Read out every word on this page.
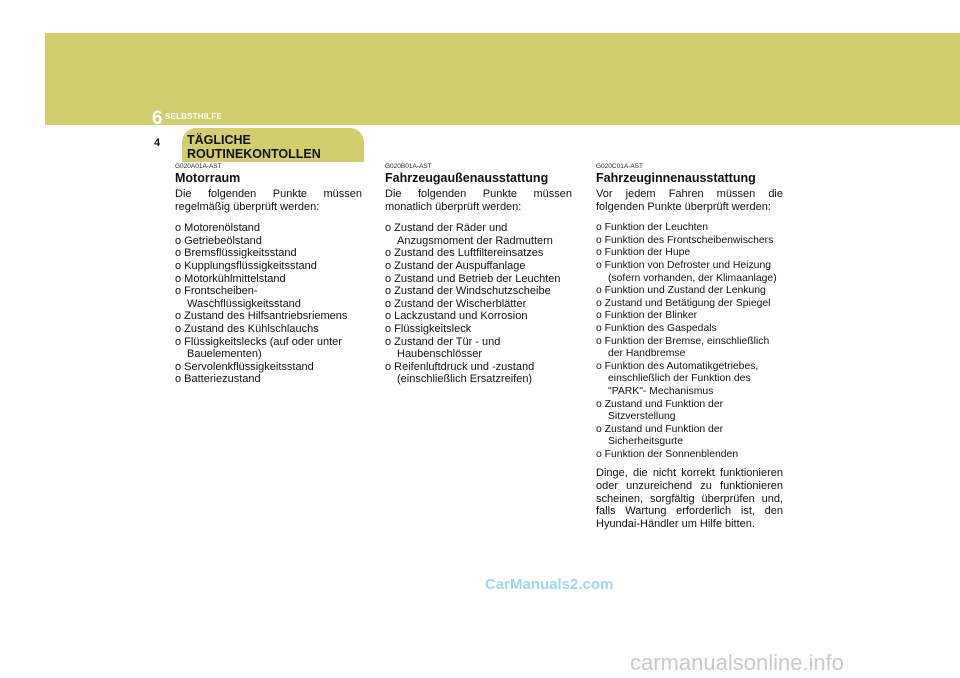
6 SELBSTHILFE
4 TÄGLICHE
ROUTINEKONTOLLEN
G020A01A-AST
Motorraum

Die folgenden Punkte müssen regelmäßig überprüft werden:

o Motorenölstand
o Getriebeölstand
o Bremsflüssigkeitsstand
o Kupplungsflüssigkeitsstand
o Motorkühlmittelstand
o Frontscheiben- Waschflüssigkeitsstand
o Zustand des Hilfsantriebsriemens
o Zustand des Kühlschlauchs
o Flüssigkeitslecks (auf oder unter Bauelementen)
o Servolenkflüssigkeitsstand
o Batteriezustand
G020B01A-AST
Fahrzeugaußenausstattung

Die folgenden Punkte müssen monatlich überprüft werden:

o Zustand der Räder und Anzugsmoment der Radmuttern
o Zustand des Luftfiltereinsatzes
o Zustand der Auspuffanlage
o Zustand und Betrieb der Leuchten
o Zustand der Windschutzscheibe
o Zustand der Wischerblätter
o Lackzustand und Korrosion
o Flüssigkeitsleck
o Zustand der Tür - und Haubenschlösser
o Reifenluftdruck und -zustand (einschließlich Ersatzreifen)
G020C01A-AST
Fahrzeuginnenausstattung

Vor jedem Fahren müssen die folgenden Punkte überprüft werden:

o Funktion der Leuchten
o Funktion des Frontscheibenwischers
o Funktion der Hupe
o Funktion von Defroster und Heizung (sofern vorhanden, der Klimaanlage)
o Funktion und Zustand der Lenkung
o Zustand und Betätigung der Spiegel
o Funktion der Blinker
o Funktion des Gaspedals
o Funktion der Bremse, einschließlich der Handbremse
o Funktion des Automatikgetriebes, einschließlich der Funktion des "PARK"- Mechanismus
o Zustand und Funktion der Sitzverstellung
o Zustand und Funktion der Sicherheitsgurte
o Funktion der Sonnenblenden

Dinge, die nicht korrekt funktionieren oder unzureichend zu funktionieren scheinen, sorgfältig überprüfen und, falls Wartung erforderlich ist, den Hyundai-Händler um Hilfe bitten.

CarManuals2.com
carmanualsonline.info
